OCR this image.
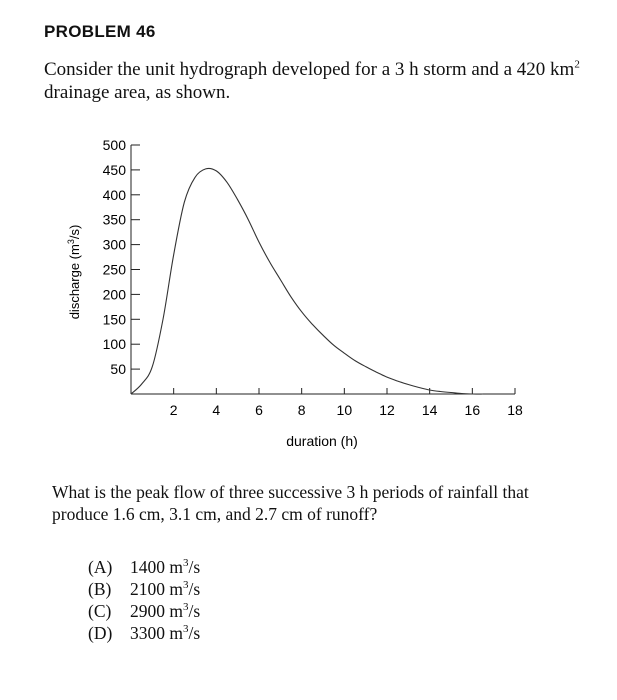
PROBLEM 46
Consider the unit hydrograph developed for a 3 h storm and a 420 $km^2$ drainage area, as shown.
2 4 6 8 10 12 14 16 18
50
100
150
200
250
300
350
400
450
500
duration (h)
discharge $(m^3/s)$
What is the peak flow of three successive 3 h periods of rainfall that produce 1.6 cm, 3.1 cm, and 2.7 cm of runoff?
(A) 1400 $m^3/s$
(B) 2100 $m^3/s$
(C) 2900 $m^3/s$
(D) 3300 $m^3/s$
